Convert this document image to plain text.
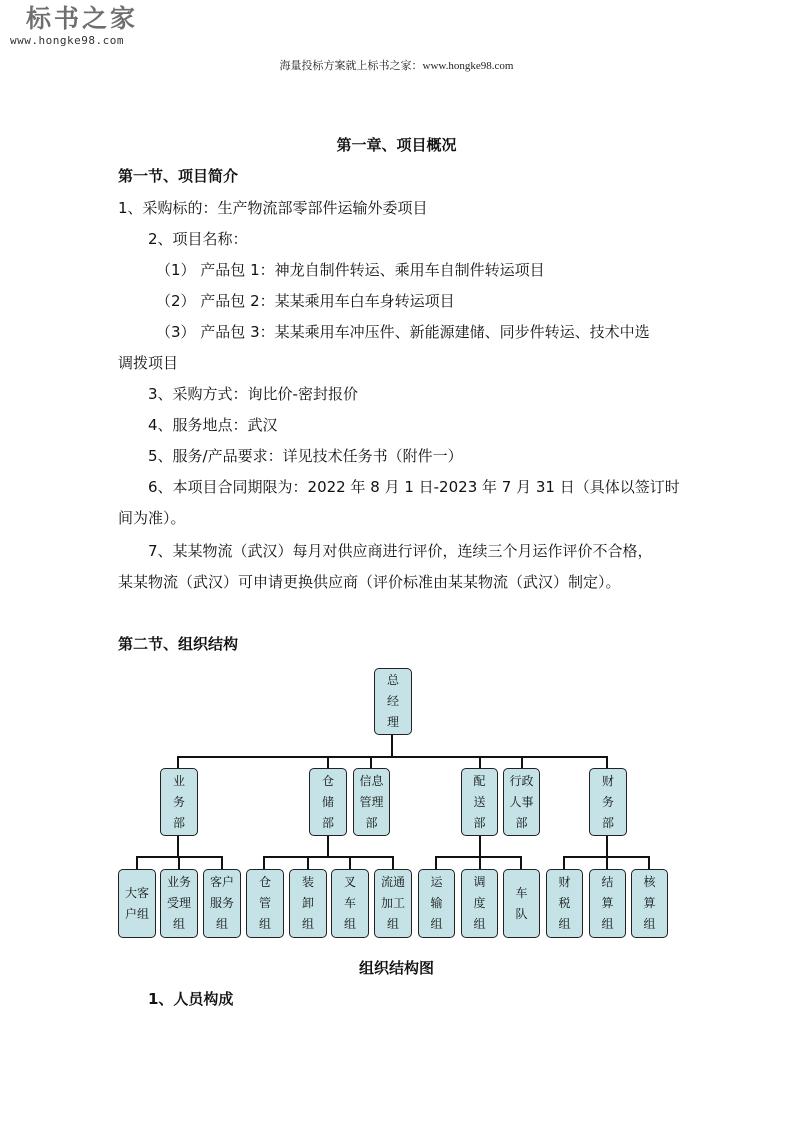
标书之家
www.hongke98.com
海量投标方案就上标书之家：www.hongke98.com
第一章、项目概况
第一节、项目简介
1、采购标的：生产物流部零部件运输外委项目
2、项目名称：
（1） 产品包 1：神龙自制件转运、乘用车自制件转运项目
（2） 产品包 2：某某乘用车白车身转运项目
（3） 产品包 3：某某乘用车冲压件、新能源建储、同步件转运、技术中选
调拨项目
3、采购方式：询比价-密封报价
4、服务地点：武汉
5、服务/产品要求：详见技术任务书（附件一）
6、本项目合同期限为：2022 年 8 月 1 日-2023 年 7 月 31 日（具体以签订时
间为准）。
7、某某物流（武汉）每月对供应商进行评价，连续三个月运作评价不合格，
某某物流（武汉）可申请更换供应商（评价标准由某某物流（武汉）制定）。
第二节、组织结构
总
经
理
业
务
部
仓
储
部
信息
管理
部
配
送
部
行政
人事
部
财
务
部
大客
户组
业务
受理
组
客户
服务
组
仓
管
组
装
卸
组
叉
车
组
流通
加工
组
运
输
组
调
度
组
车
队
财
税
组
结
算
组
核
算
组
组织结构图
1、人员构成
